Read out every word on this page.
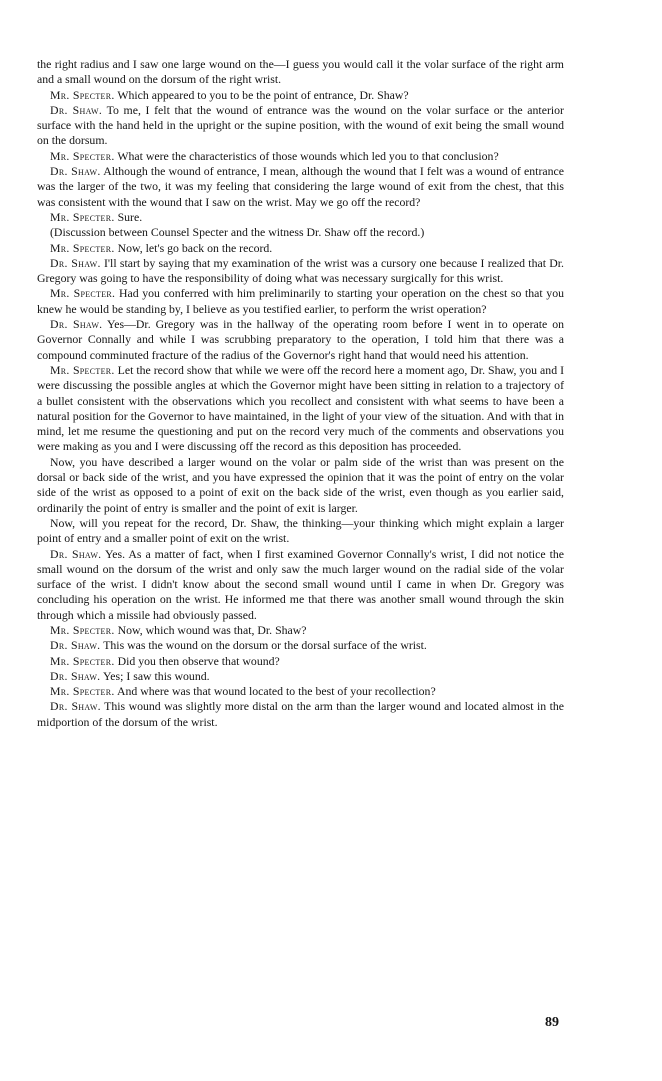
the right radius and I saw one large wound on the—I guess you would call it the volar surface of the right arm and a small wound on the dorsum of the right wrist.

Mr. Specter. Which appeared to you to be the point of entrance, Dr. Shaw?

Dr. Shaw. To me, I felt that the wound of entrance was the wound on the volar surface or the anterior surface with the hand held in the upright or the supine position, with the wound of exit being the small wound on the dorsum.

Mr. Specter. What were the characteristics of those wounds which led you to that conclusion?

Dr. Shaw. Although the wound of entrance, I mean, although the wound that I felt was a wound of entrance was the larger of the two, it was my feeling that considering the large wound of exit from the chest, that this was consistent with the wound that I saw on the wrist. May we go off the record?

Mr. Specter. Sure.

(Discussion between Counsel Specter and the witness Dr. Shaw off the record.)

Mr. Specter. Now, let's go back on the record.

Dr. Shaw. I'll start by saying that my examination of the wrist was a cursory one because I realized that Dr. Gregory was going to have the responsibility of doing what was necessary surgically for this wrist.

Mr. Specter. Had you conferred with him preliminarily to starting your operation on the chest so that you knew he would be standing by, I believe as you testified earlier, to perform the wrist operation?

Dr. Shaw. Yes—Dr. Gregory was in the hallway of the operating room before I went in to operate on Governor Connally and while I was scrubbing preparatory to the operation, I told him that there was a compound comminuted fracture of the radius of the Governor's right hand that would need his attention.

Mr. Specter. Let the record show that while we were off the record here a moment ago, Dr. Shaw, you and I were discussing the possible angles at which the Governor might have been sitting in relation to a trajectory of a bullet consistent with the observations which you recollect and consistent with what seems to have been a natural position for the Governor to have maintained, in the light of your view of the situation. And with that in mind, let me resume the questioning and put on the record very much of the comments and observations you were making as you and I were discussing off the record as this deposition has proceeded.

Now, you have described a larger wound on the volar or palm side of the wrist than was present on the dorsal or back side of the wrist, and you have expressed the opinion that it was the point of entry on the volar side of the wrist as opposed to a point of exit on the back side of the wrist, even though as you earlier said, ordinarily the point of entry is smaller and the point of exit is larger.

Now, will you repeat for the record, Dr. Shaw, the thinking—your thinking which might explain a larger point of entry and a smaller point of exit on the wrist.

Dr. Shaw. Yes. As a matter of fact, when I first examined Governor Connally's wrist, I did not notice the small wound on the dorsum of the wrist and only saw the much larger wound on the radial side of the volar surface of the wrist. I didn't know about the second small wound until I came in when Dr. Gregory was concluding his operation on the wrist. He informed me that there was another small wound through the skin through which a missile had obviously passed.

Mr. Specter. Now, which wound was that, Dr. Shaw?

Dr. Shaw. This was the wound on the dorsum or the dorsal surface of the wrist.

Mr. Specter. Did you then observe that wound?

Dr. Shaw. Yes; I saw this wound.

Mr. Specter. And where was that wound located to the best of your recollection?

Dr. Shaw. This wound was slightly more distal on the arm than the larger wound and located almost in the midportion of the dorsum of the wrist.

89
